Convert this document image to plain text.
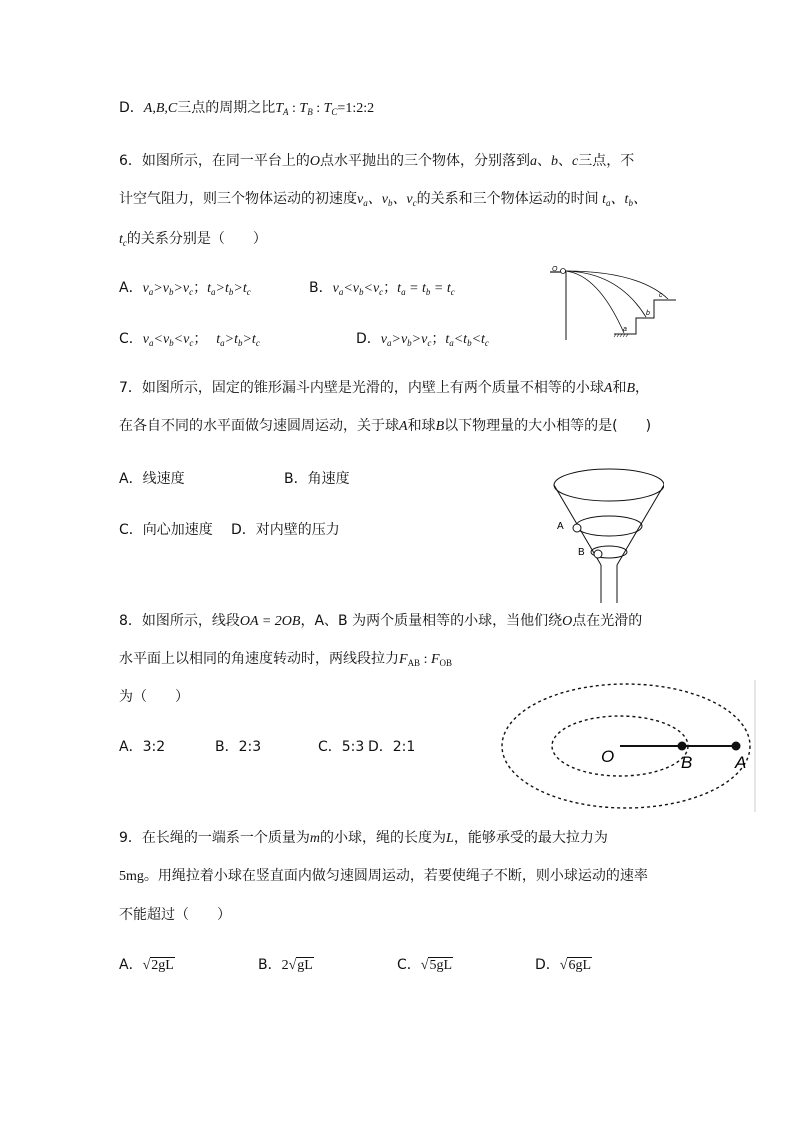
D．A,B,C三点的周期之比$T_A$ : $T_B$ : $T_C=1:2:2$
6．如图所示，在同一平台上的O点水平抛出的三个物体，分别落到a、b、c三点，不
计空气阻力，则三个物体运动的初速度$v_a$、$v_b$、$v_c$的关系和三个物体运动的时间 $t_a$、$t_b$、
$t_c$的关系分别是（　　）
A．$v_a>v_b>v_c$；$t_a>t_b>t_c$	B．$v_a<v_b<v_c$；$t_a = t_b = t_c$
C．$v_a<v_b<v_c$；  $t_a>t_b>t_c$	D．$v_a>v_b>v_c$；$t_a<t_b<t_c$
O
a
b
c
7．如图所示，固定的锥形漏斗内壁是光滑的，内壁上有两个质量不相等的小球A和B，
在各自不同的水平面做匀速圆周运动，关于球A和球B以下物理量的大小相等的是(　　)
A．线速度	B．角速度
C．向心加速度 D．对内壁的压力	A
B
8．如图所示，线段OA = 2OB，A、B 为两个质量相等的小球，当他们绕O点在光滑的
水平面上以相同的角速度转动时，两线段拉力$F_{AB}$ : $F_{OB}$
为（　　）
A．3:2	B．2:3	C．5:3 D．2:1	O	B	A
9．在长绳的一端系一个质量为m的小球，绳的长度为L，能够承受的最大拉力为
5mg。用绳拉着小球在竖直面内做匀速圆周运动，若要使绳子不断，则小球运动的速率
不能超过（　　）
A．√2gL	B．2√gL	C．√5gL	D．√6gL
